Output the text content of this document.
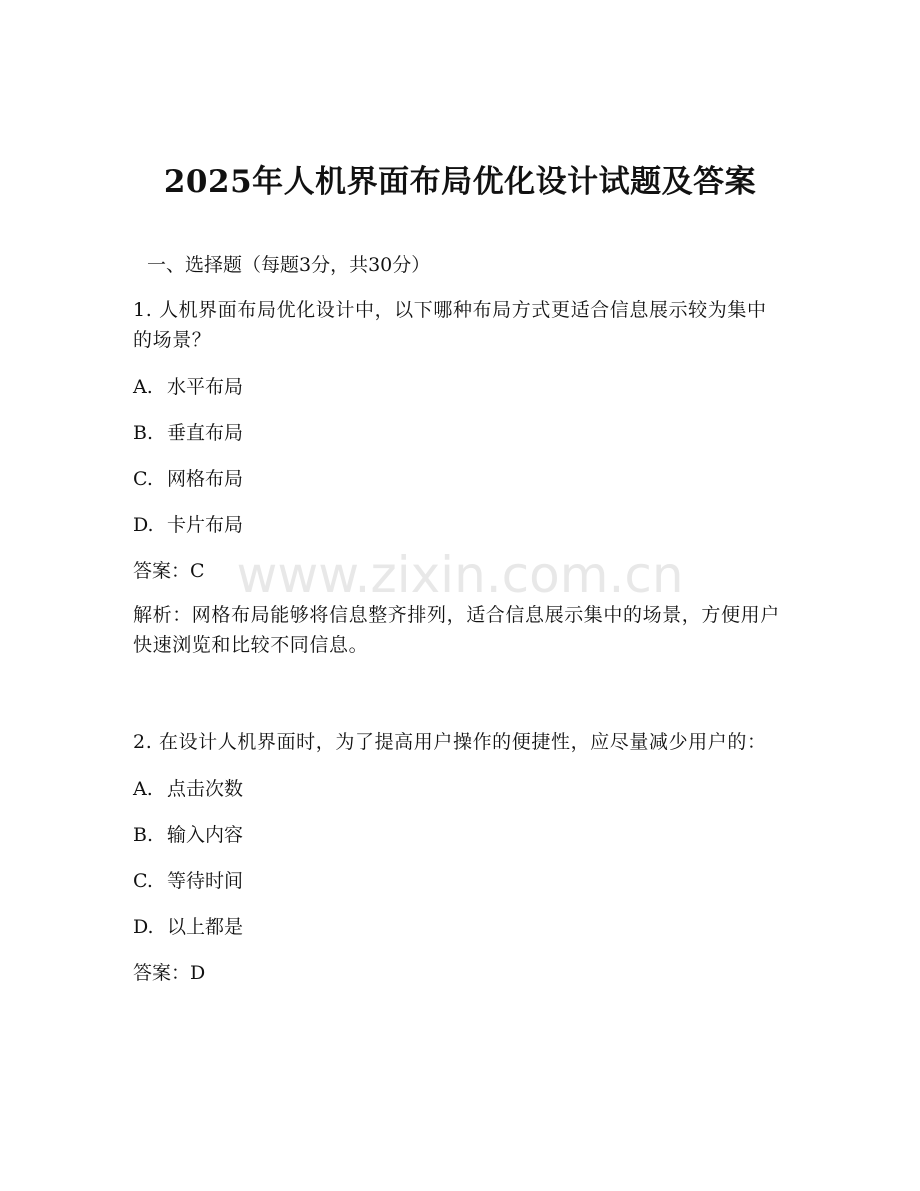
www.zixin.com.cn
2025年人机界面布局优化设计试题及答案
一、选择题（每题3分，共30分）
1. 人机界面布局优化设计中，以下哪种布局方式更适合信息展示较为集中的场景？
A. 水平布局
B. 垂直布局
C. 网格布局
D. 卡片布局
答案：C
解析：网格布局能够将信息整齐排列，适合信息展示集中的场景，方便用户快速浏览和比较不同信息。
2. 在设计人机界面时，为了提高用户操作的便捷性，应尽量减少用户的：
A. 点击次数
B. 输入内容
C. 等待时间
D. 以上都是
答案：D
